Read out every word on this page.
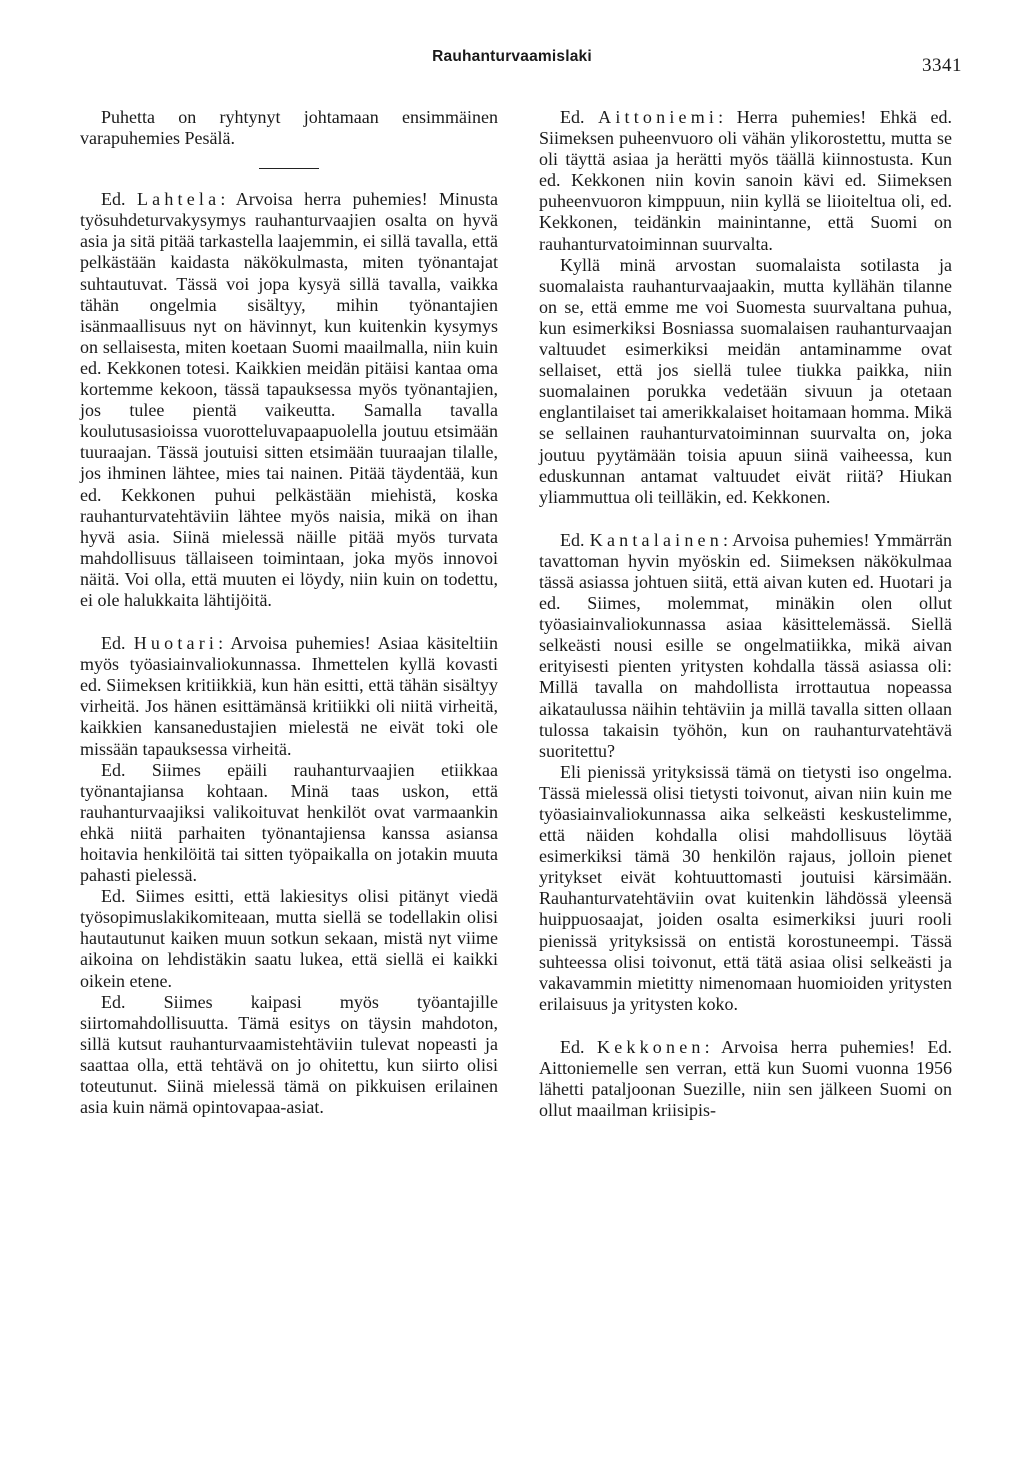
Rauhanturvaamislaki	3341

Puhetta on ryhtynyt johtamaan ensimmäinen varapuhemies Pesälä.

Ed. Lahtela: Arvoisa herra puhemies! Minusta työsuhdeturvakysymys rauhanturvaajien osalta on hyvä asia ja sitä pitää tarkastella laajemmin, ei sillä tavalla, että pelkästään kaidasta näkökulmasta, miten työnantajat suhtautuvat. Tässä voi jopa kysyä sillä tavalla, vaikka tähän ongelmia sisältyy, mihin työnantajien isänmaallisuus nyt on hävinnyt, kun kuitenkin kysymys on sellaisesta, miten koetaan Suomi maailmalla, niin kuin ed. Kekkonen totesi. Kaikkien meidän pitäisi kantaa oma kortemme kekoon, tässä tapauksessa myös työnantajien, jos tulee pientä vaikeutta. Samalla tavalla koulutusasioissa vuorotteluvapaapuolella joutuu etsimään tuuraajan. Tässä joutuisi sitten etsimään tuuraajan tilalle, jos ihminen lähtee, mies tai nainen. Pitää täydentää, kun ed. Kekkonen puhui pelkästään miehistä, koska rauhanturvatehtäviin lähtee myös naisia, mikä on ihan hyvä asia. Siinä mielessä näille pitää myös turvata mahdollisuus tällaiseen toimintaan, joka myös innovoi näitä. Voi olla, että muuten ei löydy, niin kuin on todettu, ei ole halukkaita lähtijöitä.

Ed. Huotari: Arvoisa puhemies! Asiaa käsiteltiin myös työasiainvaliokunnassa. Ihmettelen kyllä kovasti ed. Siimeksen kritiikkiä, kun hän esitti, että tähän sisältyy virheitä. Jos hänen esittämänsä kritiikki oli niitä virheitä, kaikkien kansanedustajien mielestä ne eivät toki ole missään tapauksessa virheitä.

Ed. Siimes epäili rauhanturvaajien etiikkaa työnantajiansa kohtaan. Minä taas uskon, että rauhanturvaajiksi valikoituvat henkilöt ovat varmaankin ehkä niitä parhaiten työnantajiensa kanssa asiansa hoitavia henkilöitä tai sitten työpaikalla on jotakin muuta pahasti pielessä.

Ed. Siimes esitti, että lakiesitys olisi pitänyt viedä työsopimuslakikomiteaan, mutta siellä se todellakin olisi hautautunut kaiken muun sotkun sekaan, mistä nyt viime aikoina on lehdistäkin saatu lukea, että siellä ei kaikki oikein etene.

Ed. Siimes kaipasi myös työantajille siirtomahdollisuutta. Tämä esitys on täysin mahdoton, sillä kutsut rauhanturvaamistehtäviin tulevat nopeasti ja saattaa olla, että tehtävä on jo ohitettu, kun siirto olisi toteutunut. Siinä mielessä tämä on pikkuisen erilainen asia kuin nämä opintovapaa-asiat.

Ed. Aittoniemi: Herra puhemies! Ehkä ed. Siimeksen puheenvuoro oli vähän ylikorostettu, mutta se oli täyttä asiaa ja herätti myös täällä kiinnostusta. Kun ed. Kekkonen niin kovin sanoin kävi ed. Siimeksen puheenvuoron kimppuun, niin kyllä se liioiteltua oli, ed. Kekkonen, teidänkin mainintanne, että Suomi on rauhanturvatoiminnan suurvalta.

Kyllä minä arvostan suomalaista sotilasta ja suomalaista rauhanturvaajaakin, mutta kyllähän tilanne on se, että emme me voi Suomesta suurvaltana puhua, kun esimerkiksi Bosniassa suomalaisen rauhanturvaajan valtuudet esimerkiksi meidän antaminamme ovat sellaiset, että jos siellä tulee tiukka paikka, niin suomalainen porukka vedetään sivuun ja otetaan englantilaiset tai amerikkalaiset hoitamaan homma. Mikä se sellainen rauhanturvatoiminnan suurvalta on, joka joutuu pyytämään toisia apuun siinä vaiheessa, kun eduskunnan antamat valtuudet eivät riitä? Hiukan yliammuttua oli teilläkin, ed. Kekkonen.

Ed. Kantalainen: Arvoisa puhemies! Ymmärrän tavattoman hyvin myöskin ed. Siimeksen näkökulmaa tässä asiassa johtuen siitä, että aivan kuten ed. Huotari ja ed. Siimes, molemmat, minäkin olen ollut työasiainvaliokunnassa asiaa käsittelemässä. Siellä selkeästi nousi esille se ongelmatiikka, mikä aivan erityisesti pienten yritysten kohdalla tässä asiassa oli: Millä tavalla on mahdollista irrottautua nopeassa aikataulussa näihin tehtäviin ja millä tavalla sitten ollaan tulossa takaisin työhön, kun on rauhanturvatehtävä suoritettu?

Eli pienissä yrityksissä tämä on tietysti iso ongelma. Tässä mielessä olisi tietysti toivonut, aivan niin kuin me työasiainvaliokunnassa aika selkeästi keskustelimme, että näiden kohdalla olisi mahdollisuus löytää esimerkiksi tämä 30 henkilön rajaus, jolloin pienet yritykset eivät kohtuuttomasti joutuisi kärsimään. Rauhanturvatehtäviin ovat kuitenkin lähdössä yleensä huippuosaajat, joiden osalta esimerkiksi juuri rooli pienissä yrityksissä on entistä korostuneempi. Tässä suhteessa olisi toivonut, että tätä asiaa olisi selkeästi ja vakavammin mietitty nimenomaan huomioiden yritysten erilaisuus ja yritysten koko.

Ed. Kekkonen: Arvoisa herra puhemies! Ed. Aittoniemelle sen verran, että kun Suomi vuonna 1956 lähetti pataljoonan Suezille, niin sen jälkeen Suomi on ollut maailman kriisipis-
